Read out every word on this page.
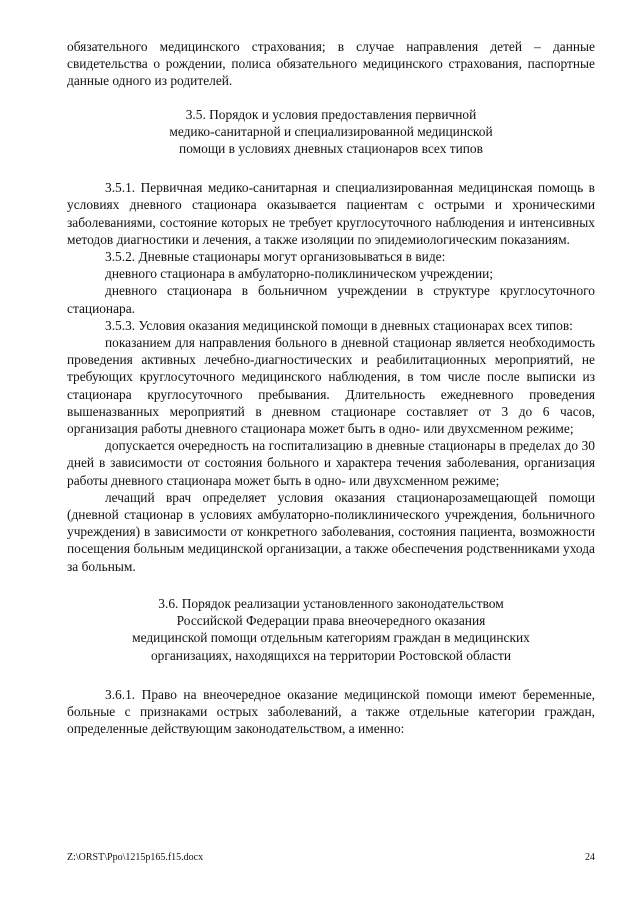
обязательного медицинского страхования; в случае направления детей – данные свидетельства о рождении, полиса обязательного медицинского страхования, паспортные данные одного из родителей.

3.5. Порядок и условия предоставления первичной

медико-санитарной и специализированной медицинской

помощи в условиях дневных стационаров всех типов

3.5.1. Первичная медико-санитарная и специализированная медицинская помощь в условиях дневного стационара оказывается пациентам с острыми и хроническими заболеваниями, состояние которых не требует круглосуточного наблюдения и интенсивных методов диагностики и лечения, а также изоляции по эпидемиологическим показаниям.

3.5.2. Дневные стационары могут организовываться в виде:

дневного стационара в амбулаторно-поликлиническом учреждении;

дневного стационара в больничном учреждении в структуре круглосуточного стационара.

3.5.3. Условия оказания медицинской помощи в дневных стационарах всех типов:

показанием для направления больного в дневной стационар является необходимость проведения активных лечебно-диагностических и реабилитационных мероприятий, не требующих круглосуточного медицинского наблюдения, в том числе после выписки из стационара круглосуточного пребывания. Длительность ежедневного проведения вышеназванных мероприятий в дневном стационаре составляет от 3 до 6 часов, организация работы дневного стационара может быть в одно- или двухсменном режиме;

допускается очередность на госпитализацию в дневные стационары в пределах до 30 дней в зависимости от состояния больного и характера течения заболевания, организация работы дневного стационара может быть в одно- или двухсменном режиме;

лечащий врач определяет условия оказания стационарозамещающей помощи (дневной стационар в условиях амбулаторно-поликлинического учреждения, больничного учреждения) в зависимости от конкретного заболевания, состояния пациента, возможности посещения больным медицинской организации, а также обеспечения родственниками ухода за больным.

3.6. Порядок реализации установленного законодательством

Российской Федерации права внеочередного оказания

медицинской помощи отдельным категориям граждан в медицинских

организациях, находящихся на территории Ростовской области

3.6.1. Право на внеочередное оказание медицинской помощи имеют беременные, больные с признаками острых заболеваний, а также отдельные категории граждан, определенные действующим законодательством, а именно:

Z:\ORST\Ppo\1215p165.f15.docx	24
